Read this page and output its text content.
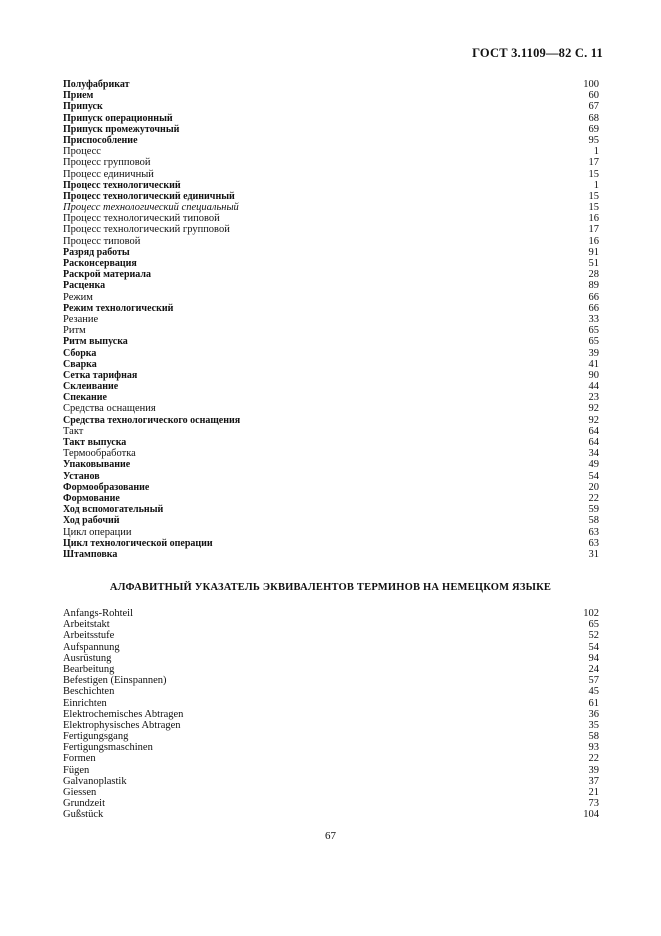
ГОСТ 3.1109—82 С. 11
Полуфабрикат	100
Прием	60
Припуск	67
Припуск операционный	68
Припуск промежуточный	69
Приспособление	95
Процесс	1
Процесс групповой	17
Процесс единичный	15
Процесс технологический	1
Процесс технологический единичный	15
Процесс технологический специальный	15
Процесс технологический типовой	16
Процесс технологический групповой	17
Процесс типовой	16
Разряд работы	91
Расконсервация	51
Раскрой материала	28
Расценка	89
Режим	66
Режим технологический	66
Резание	33
Ритм	65
Ритм выпуска	65
Сборка	39
Сварка	41
Сетка тарифная	90
Склеивание	44
Спекание	23
Средства оснащения	92
Средства технологического оснащения	92
Такт	64
Такт выпуска	64
Термообработка	34
Упаковывание	49
Установ	54
Формообразование	20
Формование	22
Ход вспомогательный	59
Ход рабочий	58
Цикл операции	63
Цикл технологической операции	63
Штамповка	31
АЛФАВИТНЫЙ УКАЗАТЕЛЬ ЭКВИВАЛЕНТОВ ТЕРМИНОВ НА НЕМЕЦКОМ ЯЗЫКЕ
Anfangs-Rohteil	102
Arbeitstakt	65
Arbeitsstufe	52
Aufspannung	54
Ausrüstung	94
Bearbeitung	24
Befestigen (Einspannen)	57
Beschichten	45
Einrichten	61
Elektrochemisches Abtragen	36
Elektrophysisches Abtragen	35
Fertigungsgang	58
Fertigungsmaschinen	93
Formen	22
Fügen	39
Galvanoplastik	37
Giessen	21
Grundzeit	73
Gußstück	104
67
